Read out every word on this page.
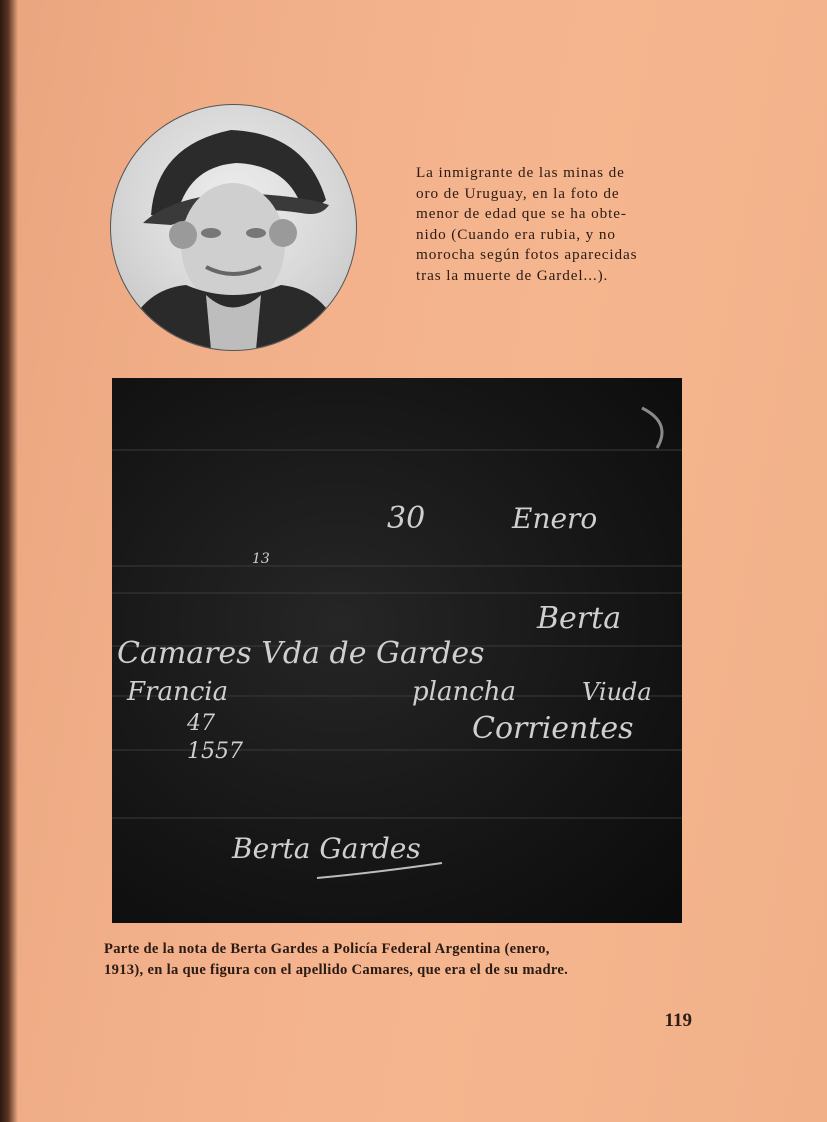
La inmigrante de las minas de
oro de Uruguay, en la foto de
menor de edad que se ha obte-
nido (Cuando era rubia, y no
morocha según fotos aparecidas
tras la muerte de Gardel...).
30	Enero
13
Berta
Camares Vda de Gardes
Francia	plancha	Viuda
47	Corrientes
1557
Berta Gardes
Parte de la nota de Berta Gardes a Policía Federal Argentina (enero,
1913), en la que figura con el apellido Camares, que era el de su madre.
119
